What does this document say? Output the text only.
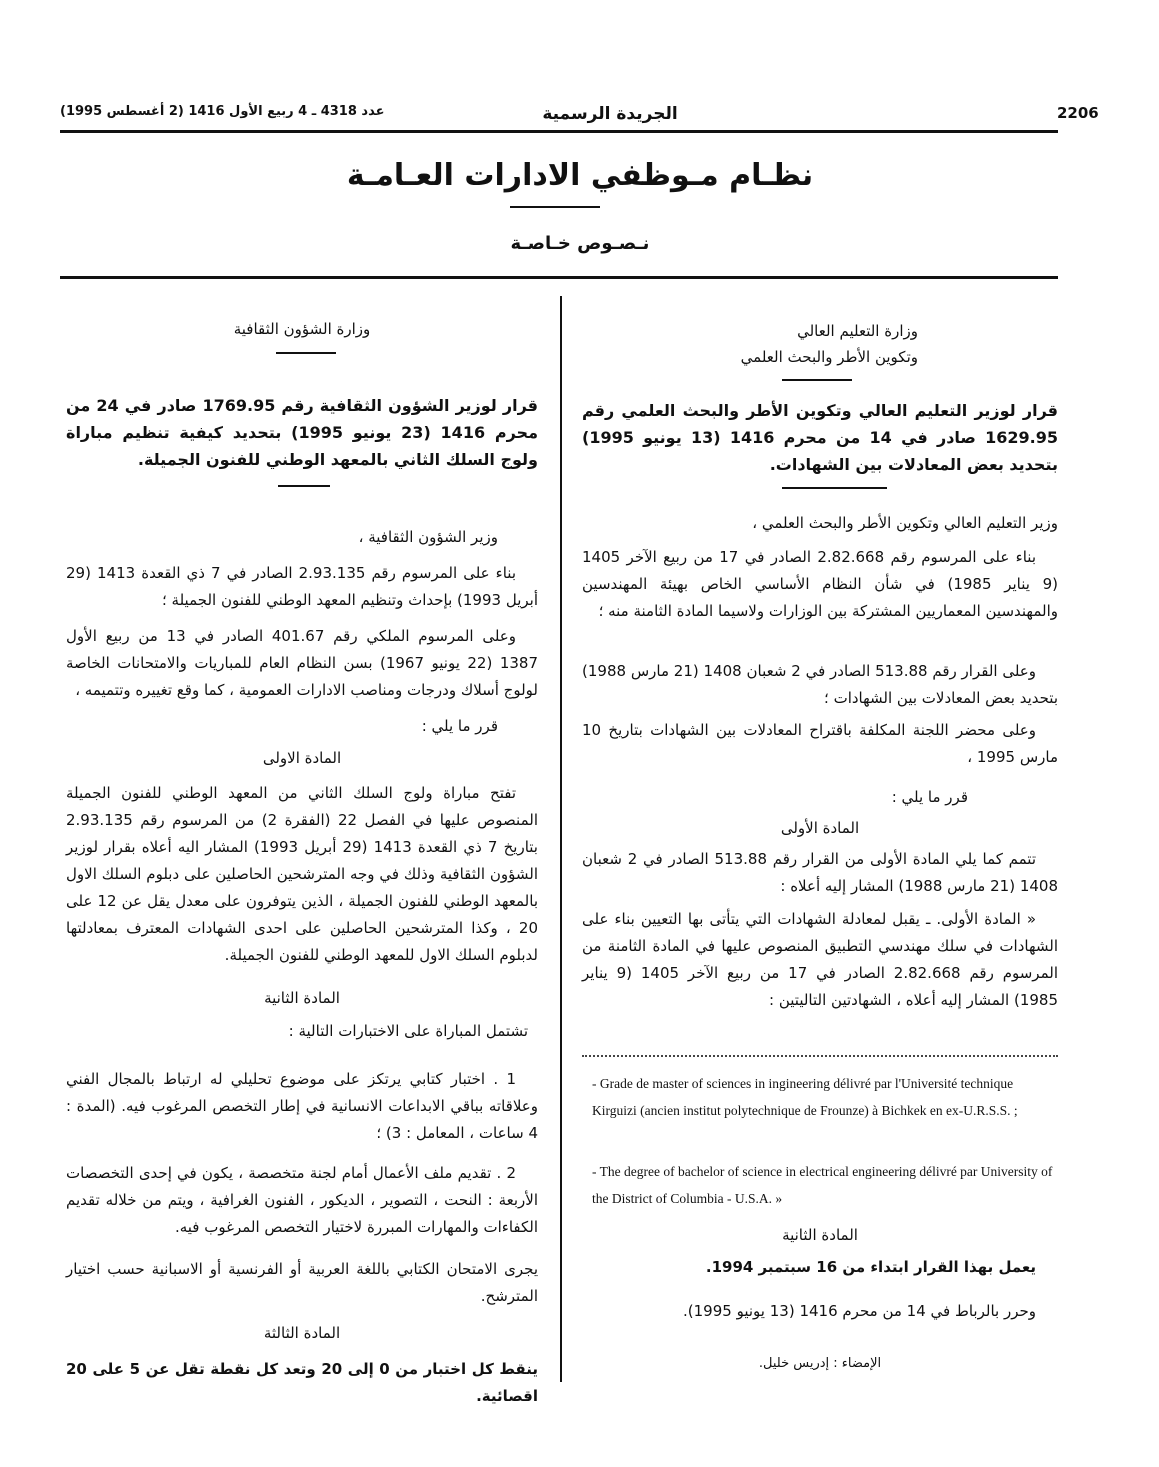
2206
الجريدة الرسمية
عدد 4318 ـ 4 ربيع الأول 1416 (2 أغسطس 1995)
نظـام مـوظفي الادارات العـامـة
نـصـوص خـاصـة

وزارة التعليم العالي

وتكوين الأطر والبحث العلمي

قرار لوزير التعليم العالي وتكوين الأطر والبحث العلمي رقم 1629.95 صادر في 14 من محرم 1416 (13 يونيو 1995) بتحديد بعض المعادلات بين الشهادات.

وزير التعليم العالي وتكوين الأطر والبحث العلمي ،

بناء على المرسوم رقم 2.82.668 الصادر في 17 من ربيع الآخر 1405 (9 يناير 1985) في شأن النظام الأساسي الخاص بهيئة المهندسين والمهندسين المعماريين المشتركة بين الوزارات ولاسيما المادة الثامنة منه ؛

وعلى القرار رقم 513.88 الصادر في 2 شعبان 1408 (21 مارس 1988) بتحديد بعض المعادلات بين الشهادات ؛

وعلى محضر اللجنة المكلفة باقتراح المعادلات بين الشهادات بتاريخ 10 مارس 1995 ،

قرر ما يلي :

المادة الأولى

تتمم كما يلي المادة الأولى من القرار رقم 513.88 الصادر في 2 شعبان 1408 (21 مارس 1988) المشار إليه أعلاه :

« المادة الأولى. ـ يقبل لمعادلة الشهادات التي يتأتى بها التعيين بناء على الشهادات في سلك مهندسي التطبيق المنصوص عليها في المادة الثامنة من المرسوم رقم 2.82.668 الصادر في 17 من ربيع الآخر 1405 (9 يناير 1985) المشار إليه أعلاه ، الشهادتين التاليتين :

- Grade de master of sciences in ingineering délivré par l'Université technique Kirguizi (ancien institut polytechnique de Frounze) à Bichkek en ex-U.R.S.S. ;

- The degree of bachelor of science in electrical engineering délivré par University of the District of Columbia - U.S.A. »

المادة الثانية

يعمل بهذا القرار ابتداء من 16 سبتمبر 1994.

وحرر بالرباط في 14 من محرم 1416 (13 يونيو 1995).

الإمضاء : إدريس خليل.

وزارة الشؤون الثقافية

قرار لوزير الشؤون الثقافية رقم 1769.95 صادر في 24 من محرم 1416 (23 يونيو 1995) بتحديد كيفية تنظيم مباراة ولوج السلك الثاني بالمعهد الوطني للفنون الجميلة.

وزير الشؤون الثقافية ،

بناء على المرسوم رقم 2.93.135 الصادر في 7 ذي القعدة 1413 (29 أبريل 1993) بإحداث وتنظيم المعهد الوطني للفنون الجميلة ؛

وعلى المرسوم الملكي رقم 401.67 الصادر في 13 من ربيع الأول 1387 (22 يونيو 1967) بسن النظام العام للمباريات والامتحانات الخاصة لولوج أسلاك ودرجات ومناصب الادارات العمومية ، كما وقع تغييره وتتميمه ،

قرر ما يلي :

المادة الاولى

تفتح مباراة ولوج السلك الثاني من المعهد الوطني للفنون الجميلة المنصوص عليها في الفصل 22 (الفقرة 2) من المرسوم رقم 2.93.135 بتاريخ 7 ذي القعدة 1413 (29 أبريل 1993) المشار اليه أعلاه بقرار لوزير الشؤون الثقافية وذلك في وجه المترشحين الحاصلين على دبلوم السلك الاول بالمعهد الوطني للفنون الجميلة ، الذين يتوفرون على معدل يقل عن 12 على 20 ، وكذا المترشحين الحاصلين على احدى الشهادات المعترف بمعادلتها لدبلوم السلك الاول للمعهد الوطني للفنون الجميلة.

المادة الثانية

تشتمل المباراة على الاختبارات التالية :

1 . اختبار كتابي يرتكز على موضوع تحليلي له ارتباط بالمجال الفني وعلاقاته بباقي الابداعات الانسانية في إطار التخصص المرغوب فيه. (المدة : 4 ساعات ، المعامل : 3) ؛

2 . تقديم ملف الأعمال أمام لجنة متخصصة ، يكون في إحدى التخصصات الأربعة : النحت ، التصوير ، الديكور ، الفنون الغرافية ، ويتم من خلاله تقديم الكفاءات والمهارات المبررة لاختيار التخصص المرغوب فيه.

يجرى الامتحان الكتابي باللغة العربية أو الفرنسية أو الاسبانية حسب اختيار المترشح.

المادة الثالثة

ينقط كل اختبار من 0 إلى 20 وتعد كل نقطة تقل عن 5 على 20 اقصائية.
